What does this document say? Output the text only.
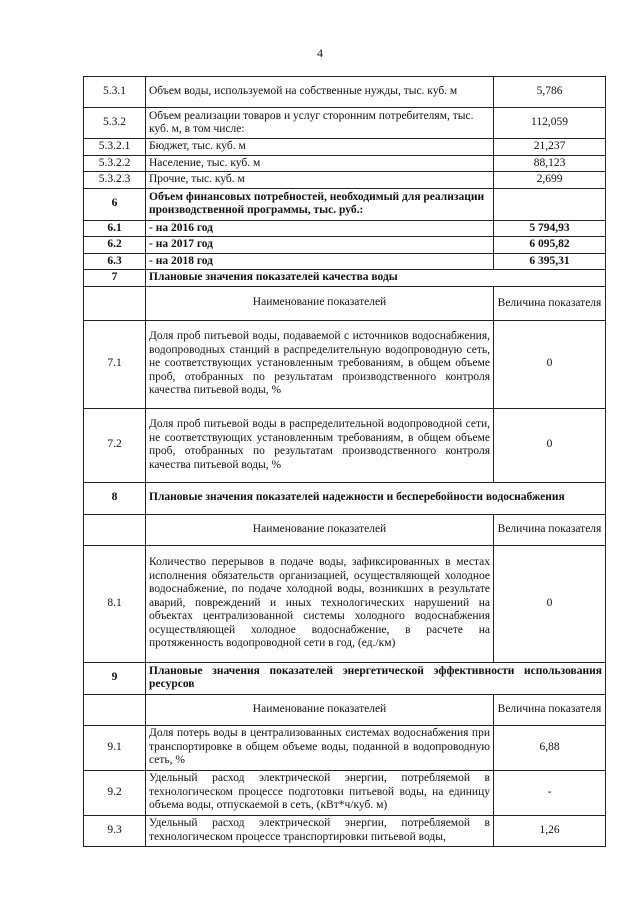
4
5.3.1	Объем воды, используемой на собственные нужды, тыс. куб. м	5,786
5.3.2	Объем реализации товаров и услуг сторонним потребителям, тыс. куб. м, в том числе:	112,059
5.3.2.1	Бюджет, тыс. куб. м	21,237
5.3.2.2	Население, тыс. куб. м	88,123
5.3.2.3	Прочие, тыс. куб. м	2,699
6	Объем финансовых потребностей, необходимый для реализации производственной программы, тыс. руб.:	
6.1	- на 2016 год	5 794,93
6.2	- на 2017 год	6 095,82
6.3	- на 2018 год	6 395,31
7	Плановые значения показателей качества воды	
	Наименование показателей	Величина показателя
7.1	Доля проб питьевой воды, подаваемой с источников водоснабжения, водопроводных станций в распределительную водопроводную сеть, не соответствующих установленным требованиям, в общем объеме проб, отобранных по результатам производственного контроля качества питьевой воды, %	0
7.2	Доля проб питьевой воды в распределительной водопроводной сети, не соответствующих установленным требованиям, в общем объеме проб, отобранных по результатам производственного контроля качества питьевой воды, %	0
8	Плановые значения показателей надежности и бесперебойности водоснабжения	
	Наименование показателей	Величина показателя
8.1	Количество перерывов в подаче воды, зафиксированных в местах исполнения обязательств организацией, осуществляющей холодное водоснабжение, по подаче холодной воды, возникших в результате аварий, повреждений и иных технологических нарушений на объектах централизованной системы холодного водоснабжения осуществляющей холодное водоснабжение, в расчете на протяженность водопроводной сети в год, (ед./км)	0
9	Плановые значения показателей энергетической эффективности использования ресурсов	
	Наименование показателей	Величина показателя
9.1	Доля потерь воды в централизованных системах водоснабжения при транспортировке в общем объеме воды, поданной в водопроводную сеть, %	6,88
9.2	Удельный расход электрической энергии, потребляемой в технологическом процессе подготовки питьевой воды, на единицу объема воды, отпускаемой в сеть, (кВт*ч/куб. м)	-
9.3	Удельный расход электрической энергии, потребляемой в технологическом процессе транспортировки питьевой воды,	1,26
